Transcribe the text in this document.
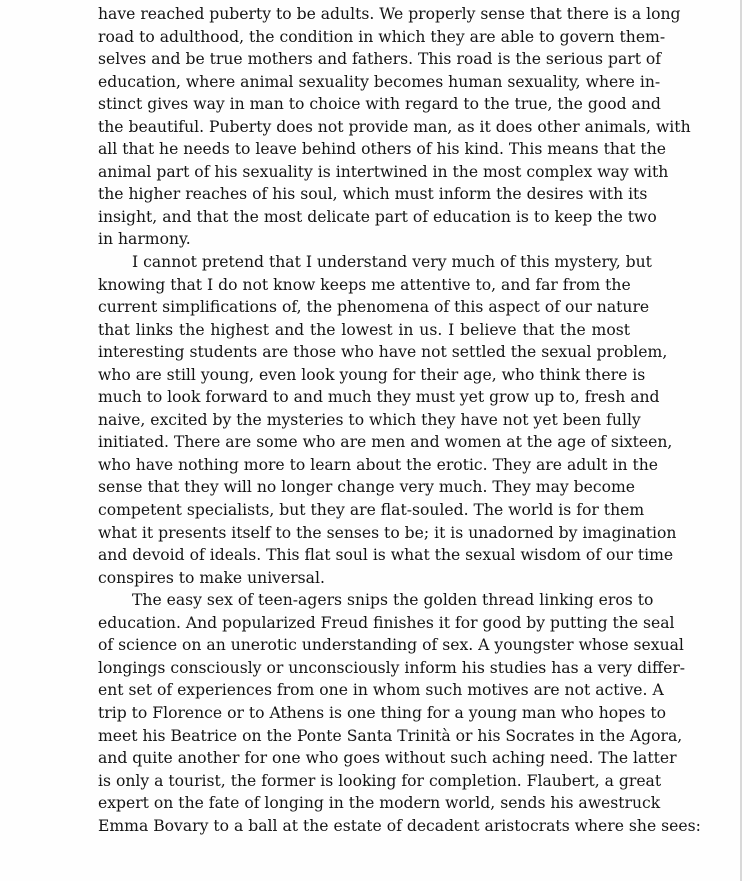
have reached puberty to be adults. We properly sense that there is a long
road to adulthood, the condition in which they are able to govern them-
selves and be true mothers and fathers. This road is the serious part of
education, where animal sexuality becomes human sexuality, where in-
stinct gives way in man to choice with regard to the true, the good and
the beautiful. Puberty does not provide man, as it does other animals, with
all that he needs to leave behind others of his kind. This means that the
animal part of his sexuality is intertwined in the most complex way with
the higher reaches of his soul, which must inform the desires with its
insight, and that the most delicate part of education is to keep the two
in harmony.
I cannot pretend that I understand very much of this mystery, but
knowing that I do not know keeps me attentive to, and far from the
current simplifications of, the phenomena of this aspect of our nature
that links the highest and the lowest in us. I believe that the most
interesting students are those who have not settled the sexual problem,
who are still young, even look young for their age, who think there is
much to look forward to and much they must yet grow up to, fresh and
naive, excited by the mysteries to which they have not yet been fully
initiated. There are some who are men and women at the age of sixteen,
who have nothing more to learn about the erotic. They are adult in the
sense that they will no longer change very much. They may become
competent specialists, but they are flat-souled. The world is for them
what it presents itself to the senses to be; it is unadorned by imagination
and devoid of ideals. This flat soul is what the sexual wisdom of our time
conspires to make universal.
The easy sex of teen-agers snips the golden thread linking eros to
education. And popularized Freud finishes it for good by putting the seal
of science on an unerotic understanding of sex. A youngster whose sexual
longings consciously or unconsciously inform his studies has a very differ-
ent set of experiences from one in whom such motives are not active. A
trip to Florence or to Athens is one thing for a young man who hopes to
meet his Beatrice on the Ponte Santa Trinità or his Socrates in the Agora,
and quite another for one who goes without such aching need. The latter
is only a tourist, the former is looking for completion. Flaubert, a great
expert on the fate of longing in the modern world, sends his awestruck
Emma Bovary to a ball at the estate of decadent aristocrats where she sees:
